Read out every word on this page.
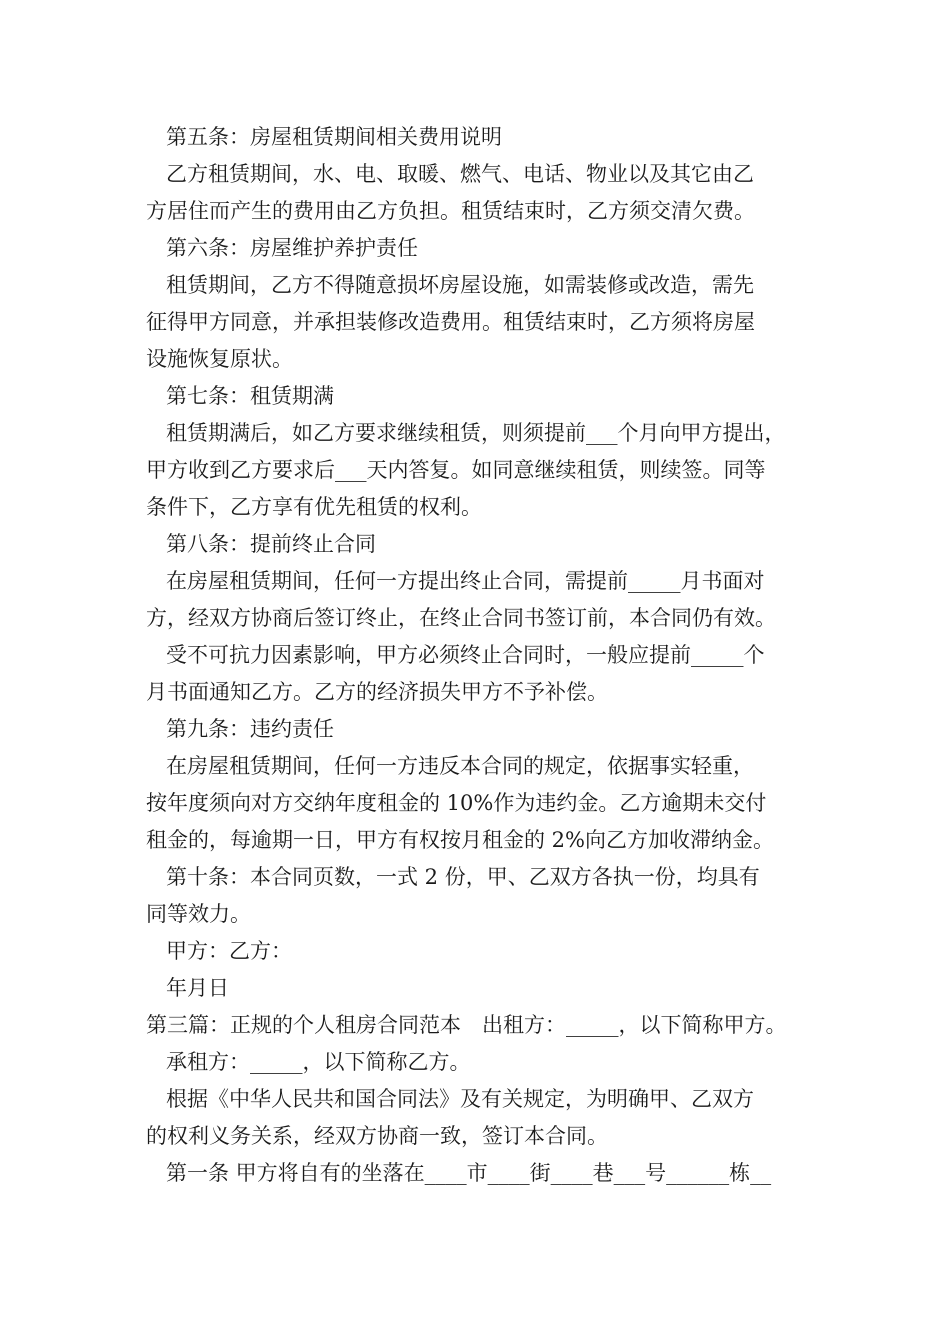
第五条：房屋租赁期间相关费用说明
乙方租赁期间，水、电、取暖、燃气、电话、物业以及其它由乙
方居住而产生的费用由乙方负担。租赁结束时，乙方须交清欠费。
第六条：房屋维护养护责任
租赁期间，乙方不得随意损坏房屋设施，如需装修或改造，需先
征得甲方同意，并承担装修改造费用。租赁结束时，乙方须将房屋
设施恢复原状。
第七条：租赁期满
租赁期满后，如乙方要求继续租赁，则须提前___个月向甲方提出，
甲方收到乙方要求后___天内答复。如同意继续租赁，则续签。同等
条件下，乙方享有优先租赁的权利。
第八条：提前终止合同
在房屋租赁期间，任何一方提出终止合同，需提前_____月书面对
方，经双方协商后签订终止，在终止合同书签订前，本合同仍有效。
受不可抗力因素影响，甲方必须终止合同时，一般应提前_____个
月书面通知乙方。乙方的经济损失甲方不予补偿。
第九条：违约责任
在房屋租赁期间，任何一方违反本合同的规定，依据事实轻重，
按年度须向对方交纳年度租金的 10%作为违约金。乙方逾期未交付
租金的，每逾期一日，甲方有权按月租金的 2%向乙方加收滞纳金。
第十条：本合同页数，一式 2 份，甲、乙双方各执一份，均具有
同等效力。
甲方：乙方：
年月日
第三篇：正规的个人租房合同范本　出租方：_____，以下简称甲方。
承租方：_____，以下简称乙方。
根据《中华人民共和国合同法》及有关规定，为明确甲、乙双方
的权利义务关系，经双方协商一致，签订本合同。
第一条 甲方将自有的坐落在____市____街____巷___号______栋__
